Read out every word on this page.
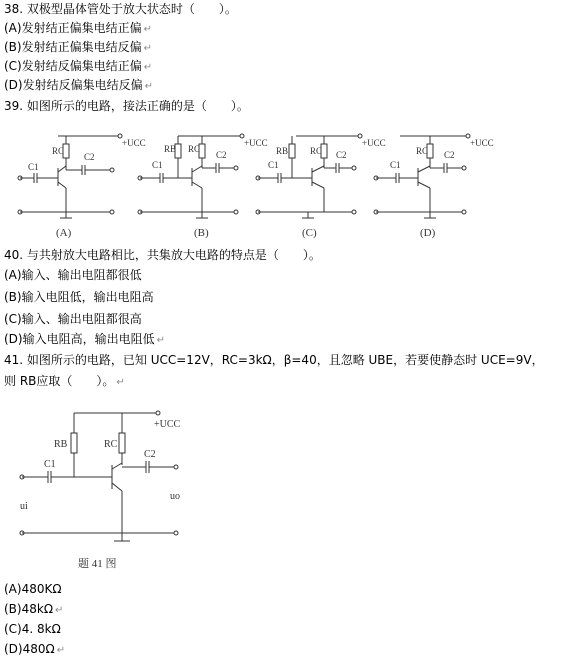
38. 双极型晶体管处于放大状态时（　　）。
(A)发射结正偏集电结正偏 ↵
(B)发射结正偏集电结反偏 ↵
(C)发射结反偏集电结正偏 ↵
(D)发射结反偏集电结反偏 ↵
39. 如图所示的电路，接法正确的是（　　）。
+UCC
RC
C1
C2
(A)
+UCC
RB RC
C1
C2
(B)
+UCC
RB RC
C1
C2
(C)
+UCC
RC
C1
C2
(D)
40. 与共射放大电路相比，共集放大电路的特点是（　　）。
(A)输入、输出电阻都很低
(B)输入电阻低，输出电阻高
(C)输入、输出电阻都很高
(D)输入电阻高，输出电阻低 ↵
41. 如图所示的电路，已知 UCC=12V，RC=3kΩ，β=40，且忽略 UBE，若要使静态时 UCE=9V，
则 RB应取（　　）。 ↵
+UCC
RB	RC
C1
C2
ui
uo
题 41 图
(A)480KΩ
(B)48kΩ ↵
(C)4. 8kΩ
(D)480Ω ↵
